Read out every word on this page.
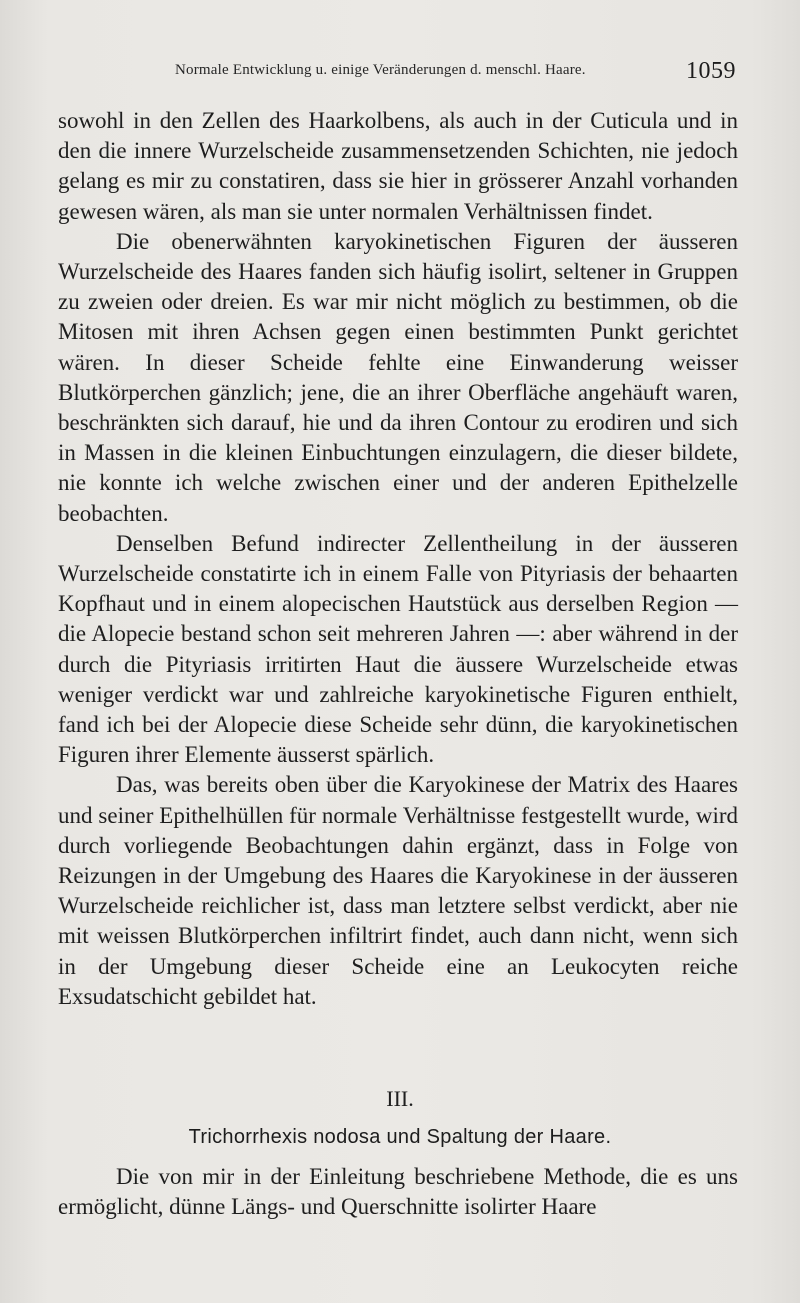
Normale Entwicklung u. einige Veränderungen d. menschl. Haare.	1059

sowohl in den Zellen des Haarkolbens, als auch in der Cuticula und in den die innere Wurzelscheide zusammensetzenden Schichten, nie jedoch gelang es mir zu constatiren, dass sie hier in grösserer Anzahl vorhanden gewesen wären, als man sie unter normalen Verhältnissen findet.

Die obenerwähnten karyokinetischen Figuren der äusseren Wurzelscheide des Haares fanden sich häufig isolirt, seltener in Gruppen zu zweien oder dreien. Es war mir nicht möglich zu bestimmen, ob die Mitosen mit ihren Achsen gegen einen bestimmten Punkt gerichtet wären. In dieser Scheide fehlte eine Einwanderung weisser Blutkörperchen gänzlich; jene, die an ihrer Oberfläche angehäuft waren, beschränkten sich darauf, hie und da ihren Contour zu erodiren und sich in Massen in die kleinen Einbuchtungen einzulagern, die dieser bildete, nie konnte ich welche zwischen einer und der anderen Epithelzelle beobachten.

Denselben Befund indirecter Zellentheilung in der äusseren Wurzelscheide constatirte ich in einem Falle von Pityriasis der behaarten Kopfhaut und in einem alopecischen Hautstück aus derselben Region — die Alopecie bestand schon seit mehreren Jahren —: aber während in der durch die Pityriasis irritirten Haut die äussere Wurzelscheide etwas weniger verdickt war und zahlreiche karyokinetische Figuren enthielt, fand ich bei der Alopecie diese Scheide sehr dünn, die karyokinetischen Figuren ihrer Elemente äusserst spärlich.

Das, was bereits oben über die Karyokinese der Matrix des Haares und seiner Epithelhüllen für normale Verhältnisse festgestellt wurde, wird durch vorliegende Beobachtungen dahin ergänzt, dass in Folge von Reizungen in der Umgebung des Haares die Karyokinese in der äusseren Wurzelscheide reichlicher ist, dass man letztere selbst verdickt, aber nie mit weissen Blutkörperchen infiltrirt findet, auch dann nicht, wenn sich in der Umgebung dieser Scheide eine an Leukocyten reiche Exsudatschicht gebildet hat.

III.
Trichorrhexis nodosa und Spaltung der Haare.

Die von mir in der Einleitung beschriebene Methode, die es uns ermöglicht, dünne Längs- und Querschnitte isolirter Haare
